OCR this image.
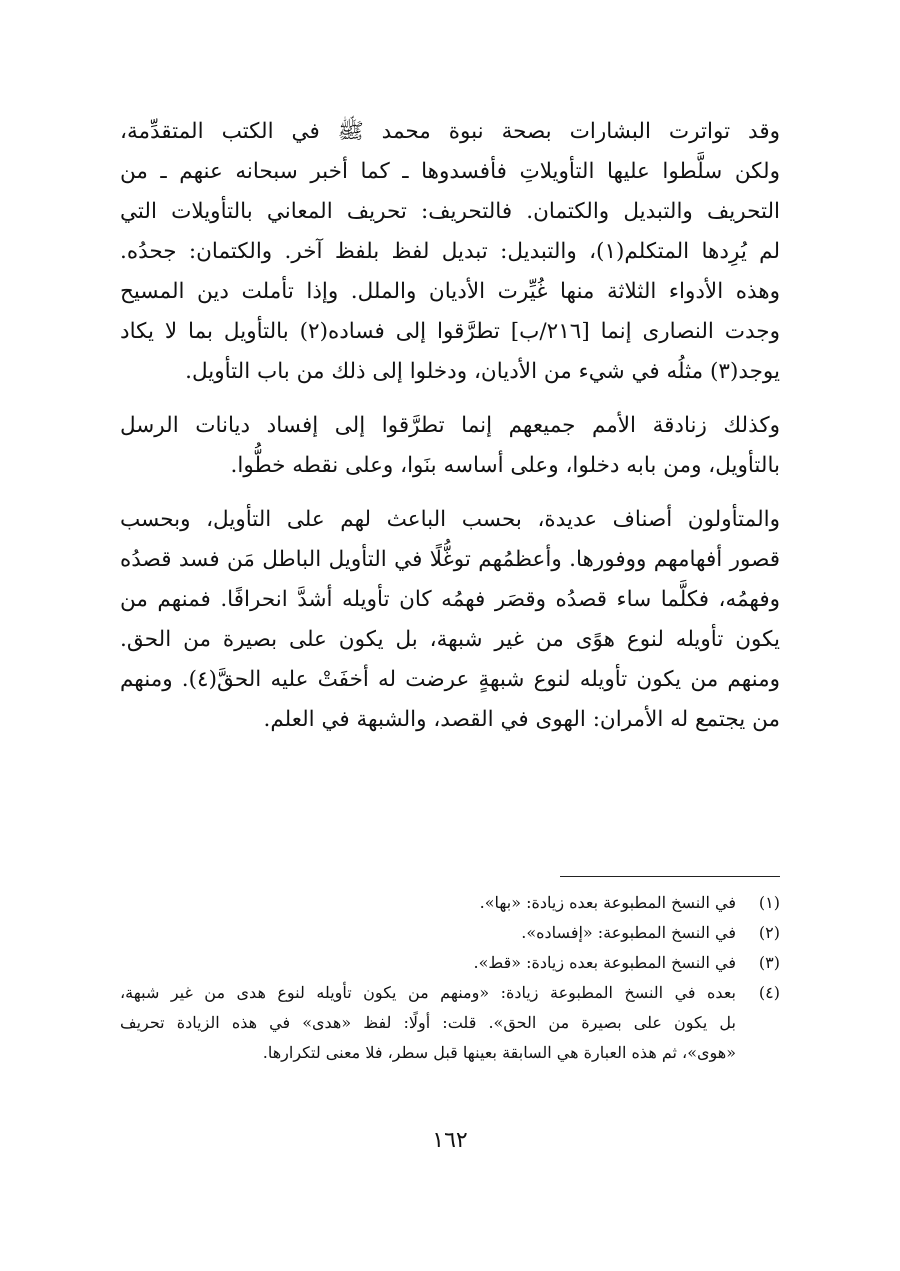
وقد تواترت البشارات بصحة نبوة محمد ﷺ في الكتب المتقدِّمة،
ولكن سلَّطوا عليها التأويلاتِ فأفسدوها ـ كما أخبر سبحانه عنهم ـ من
التحريف والتبديل والكتمان. فالتحريف: تحريف المعاني بالتأويلات التي
لم يُرِدها المتكلم(١)، والتبديل: تبديل لفظ بلفظ آخر. والكتمان: جحدُه.
وهذه الأدواء الثلاثة منها غُيِّرت الأديان والملل. وإذا تأملت دين المسيح
وجدت النصارى إنما [٢١٦/ب] تطرَّقوا إلى فساده(٢) بالتأويل بما لا يكاد
يوجد(٣) مثلُه في شيء من الأديان، ودخلوا إلى ذلك من باب التأويل.

وكذلك زنادقة الأمم جميعهم إنما تطرَّقوا إلى إفساد ديانات الرسل
بالتأويل، ومن بابه دخلوا، وعلى أساسه بنَوا، وعلى نقطه خطُّوا.

والمتأولون أصناف عديدة، بحسب الباعث لهم على التأويل، وبحسب
قصور أفهامهم ووفورها. وأعظمُهم توغُّلًا في التأويل الباطل مَن فسد قصدُه
وفهمُه، فكلَّما ساء قصدُه وقصَر فهمُه كان تأويله أشدَّ انحرافًا. فمنهم من
يكون تأويله لنوع هوًى من غير شبهة، بل يكون على بصيرة من الحق.
ومنهم من يكون تأويله لنوع شبهةٍ عرضت له أخفَتْ عليه الحقَّ(٤). ومنهم
من يجتمع له الأمران: الهوى في القصد، والشبهة في العلم.

(١)
في النسخ المطبوعة بعده زيادة: «بها».
(٢)
في النسخ المطبوعة: «إفساده».
(٣)
في النسخ المطبوعة بعده زيادة: «قط».
(٤)
بعده في النسخ المطبوعة زيادة: «ومنهم من يكون تأويله لنوع هدى من غير شبهة،
بل يكون على بصيرة من الحق». قلت: أولًا: لفظ «هدى» في هذه الزيادة تحريف
«هوى»، ثم هذه العبارة هي السابقة بعينها قبل سطر، فلا معنى لتكرارها.
١٦٢
